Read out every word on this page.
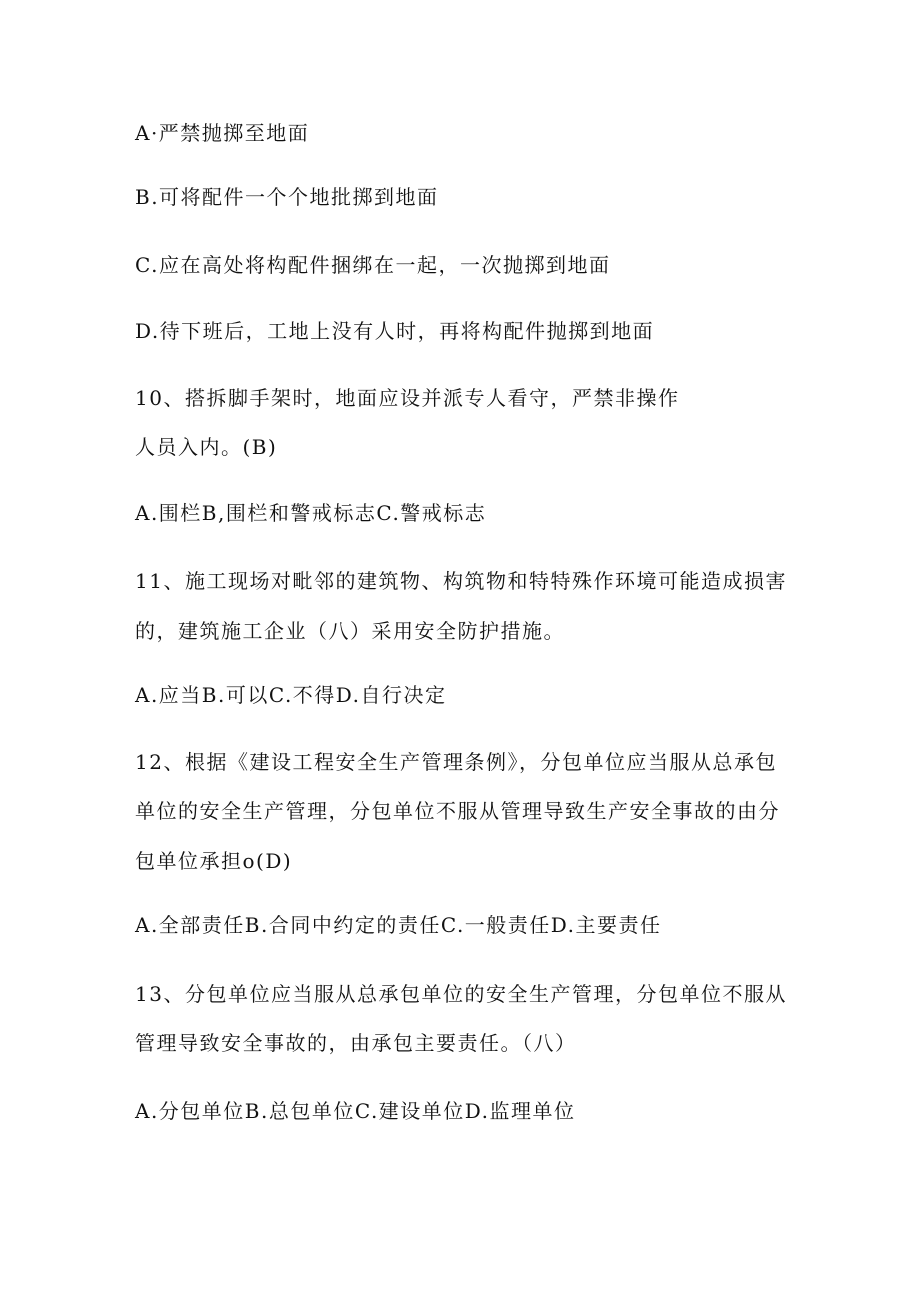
A·严禁抛掷至地面
B.可将配件一个个地批掷到地面
C.应在高处将构配件捆绑在一起，一次抛掷到地面
D.待下班后，工地上没有人时，再将构配件抛掷到地面
10、搭拆脚手架时，地面应设并派专人看守，严禁非操作
人员入内。(B)
A.围栏B,围栏和警戒标志C.警戒标志
11、施工现场对毗邻的建筑物、构筑物和特特殊作环境可能造成损害
的，建筑施工企业（八）采用安全防护措施。
A.应当B.可以C.不得D.自行决定
12、根据《建设工程安全生产管理条例》，分包单位应当服从总承包
单位的安全生产管理，分包单位不服从管理导致生产安全事故的由分
包单位承担o(D)
A.全部责任B.合同中约定的责任C.一般责任D.主要责任
13、分包单位应当服从总承包单位的安全生产管理，分包单位不服从
管理导致安全事故的，由承包主要责任。（八）
A.分包单位B.总包单位C.建设单位D.监理单位
